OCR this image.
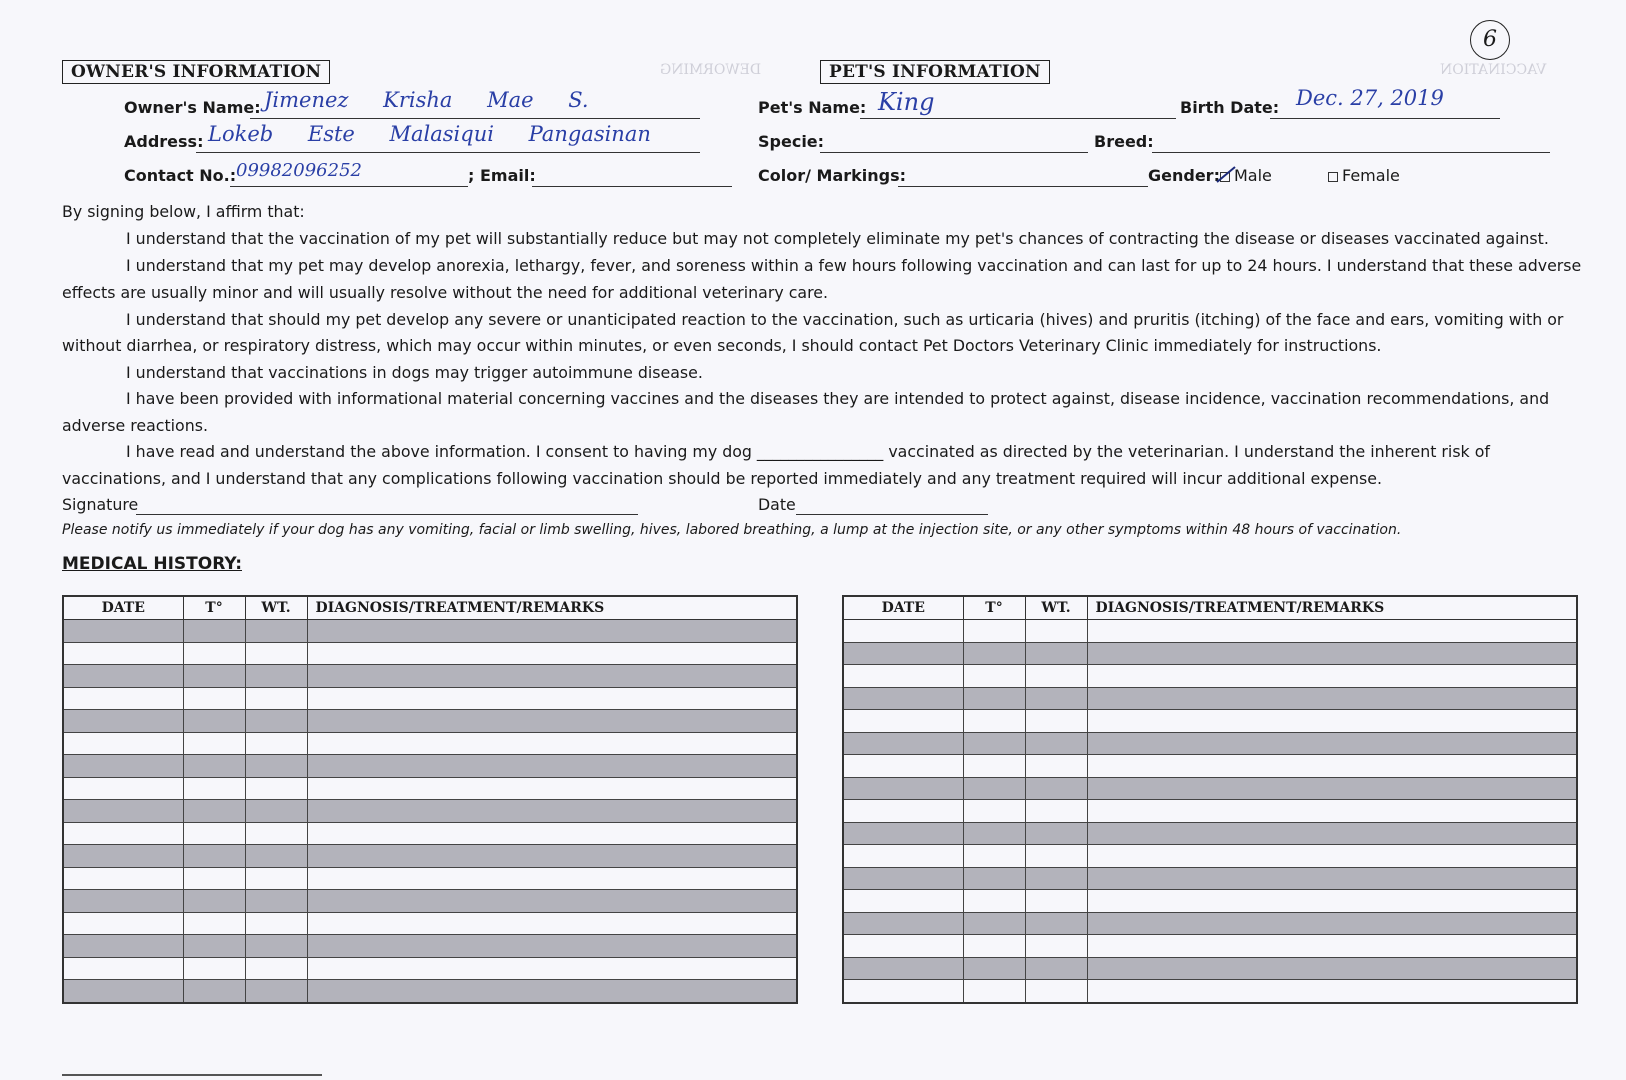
DEWORMING	VACCINATION
6
OWNER'S INFORMATION
Owner's Name: Jimenez Krisha Mae S.
Address: Lokeb Este Malasiqui Pangasinan
Contact No.: 09982096252	; Email:
PET'S INFORMATION
Pet's Name: King	Birth Date: Dec. 27, 2019
Specie:	Breed:
Color/ Markings:	Gender: Male	Female
By signing below, I affirm that:
I understand that the vaccination of my pet will substantially reduce but may not completely eliminate my pet's chances of contracting the disease or diseases vaccinated against.
I understand that my pet may develop anorexia, lethargy, fever, and soreness within a few hours following vaccination and can last for up to 24 hours. I understand that these adverse
effects are usually minor and will usually resolve without the need for additional veterinary care.
I understand that should my pet develop any severe or unanticipated reaction to the vaccination, such as urticaria (hives) and pruritis (itching) of the face and ears, vomiting with or
without diarrhea, or respiratory distress, which may occur within minutes, or even seconds, I should contact Pet Doctors Veterinary Clinic immediately for instructions.
I understand that vaccinations in dogs may trigger autoimmune disease.
I have been provided with informational material concerning vaccines and the diseases they are intended to protect against, disease incidence, vaccination recommendations, and
adverse reactions.
I have read and understand the above information. I consent to having my dog ________________ vaccinated as directed by the veterinarian. I understand the inherent risk of
vaccinations, and I understand that any complications following vaccination should be reported immediately and any treatment required will incur additional expense.
Signature	Date
Please notify us immediately if your dog has any vomiting, facial or limb swelling, hives, labored breathing, a lump at the injection site, or any other symptoms within 48 hours of vaccination.
MEDICAL HISTORY:
DATE	T°	WT.	DIAGNOSIS/TREATMENT/REMARKS

				DATE	T°	WT.	DIAGNOSIS/TREATMENT/REMARKS
